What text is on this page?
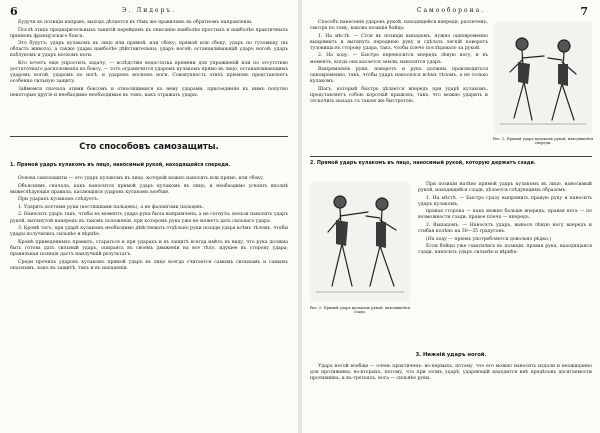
6	Э. Лидеръ.

Будучи въ позиціи направо, выходъ дѣлается въ тѣмъ же правиламъ въ обратномъ направленіи.

Послѣ этихъ предварительныхъ занятій перейдемъ къ описанію наиболѣе простыхъ и наиболѣе практичныхъ пріемовъ французскаго бокса.

Это будутъ: ударъ кулакомъ въ лицо или прямой, или сбоку; прямой или сбоку; ударъ по туловищу (въ область живота), а также удары наиболѣе дѣйствительны; ударъ ногой; останавливающій ударъ ногой; ударъ каблукомъ и ударъ носкомъ ноги.

Кто хочетъ еще упростить задачу, — вслѣдствіе недостатка времени для упражненій или по отсутствію достаточнаго расположенія къ боксу, — тотъ ограничится ударомъ кулакомъ прямо въ лицо, останавливающимъ ударомъ ногой, ударомъ по ногѣ, и ударомъ носкомъ ноги. Совокупность этихъ пріемовъ представляетъ особенно сильную защиту.

Займемся сначала этими боксомъ и относящимися къ нему ударами, присоединяя къ нимъ попутно некоторые другіе и необходимо необходимые въ томъ, какъ отражать удары.

Сто способовъ самозащиты.
1. Прямой ударъ кулакомъ въ лицо, наносимый рукой, находящейся спереди.

Основа самозащиты — это ударъ кулакомъ въ лицо, который можно наносить или прямо, или сбоку.

Объяснимъ сначала, какъ наносится прямой ударъ кулакомъ въ лицо, и необходимо усвоить вполнѣ нижеслѣдующія правила, касающіяся ударовъ кулакомъ вообще.

При ударахъ кулакомъ слѣдуетъ:

1. Ударять костями руки (костяшками пальцевъ), а не фалангами пальцевъ.

2. Наносить ударъ такъ, чтобы въ моментъ удара рука была выпрямлена, а не согнута; нельзя наносить ударъ рукой, вытянутой напередъ въ такомъ положеніи, при которомъ рука уже не можетъ дать сильнаго удара.

3. Кромѣ того, при ударѣ кулакомъ необходимо дѣйствовать отдѣльно руки позади удара всѣмъ тѣломъ, чтобы удары получились сильнѣе и вѣрнѣе.

Кромѣ приведенныхъ правилъ, стараться и при ударахъ и въ защитѣ всегда имѣть въ виду, что рука должна быть готова дать сильный ударъ, опираясь въ своемъ движеніи на все тѣло, идущее въ сторону удара; правильная позиція дастъ наилучшій результатъ.

Среди прочихъ ударовъ кулакомъ прямой ударъ въ лицо всегда считается самымъ сильнымъ и самымъ опаснымъ, какъ въ защитѣ, такъ и въ нападеніи.

Самооборона.	7

Способъ нанесенія ударовъ рукой, находящейся впереди, различенъ, смотря по тому, какова позиція бойца:

1. На мѣстѣ. — Стоя въ позиціи выпадомъ, нужно одновременно выпрямить и вытянуть переднюю руку и сдѣлать легкій поворотъ туловища въ сторону удара, такъ, чтобы плечо послѣдовало за рукой.

2. На ходу. — Быстро переносится впередъ лѣвую ногу, и въ моментъ, когда она касается земли, наносится ударъ.

Выпрямленіе руки, поворотъ и рука должны производиться одновременно, такъ, чтобы ударъ наносился всѣмъ тѣломъ, а не только кулакомъ.

Шагъ, который быстро дѣлается впередъ при ударѣ кулакомъ, представляетъ собою короткій прыжокъ, такъ, что можно ударить и отскочить назадъ съ такою же быстротою.

Рис. 1. Прямой ударъ кулакомъ рукой, находящейся спереди.
2. Прямой ударъ кулакомъ въ лицо, наносимый рукой, которую держатъ сзади.
Рис. 2. Прямой ударъ кулакомъ рукой, находящейся сзади.

При позиціи налѣво прямой ударъ кулакомъ въ лицо, наносимый рукой, находящейся сзади, дѣлается слѣдующимъ образомъ:

1. На мѣстѣ. — Быстро сразу выпрямить правую руку и наносить ударъ кулакомъ;

правая сторона — какъ можно больше впередъ; правая нога — по возможности сзади; правое плечо — впередъ.

2. Выпадомъ. — Наносятъ ударъ, вынося лѣвую ногу впередъ и сгибая колѣно на 30—35 градусовъ.

(На ходу — пріемъ употребляется довольно рѣдко.)

Если бойцы уже схватились въ позиціи, правая рука, находящаяся сзади, наносить ударъ сильнѣе и вѣрнѣе.

3. Нижній ударъ ногой.

Ударъ ногой вообще — очень практиченъ: во-первыхъ, потому, что его можно наносить издали и неожиданно для противника; во-вторыхъ, потому, что при этомъ ударѣ, ударяющій находится внѣ предѣловъ досягаемости противника, и въ-третьихъ, нога — сильнѣе руки.
